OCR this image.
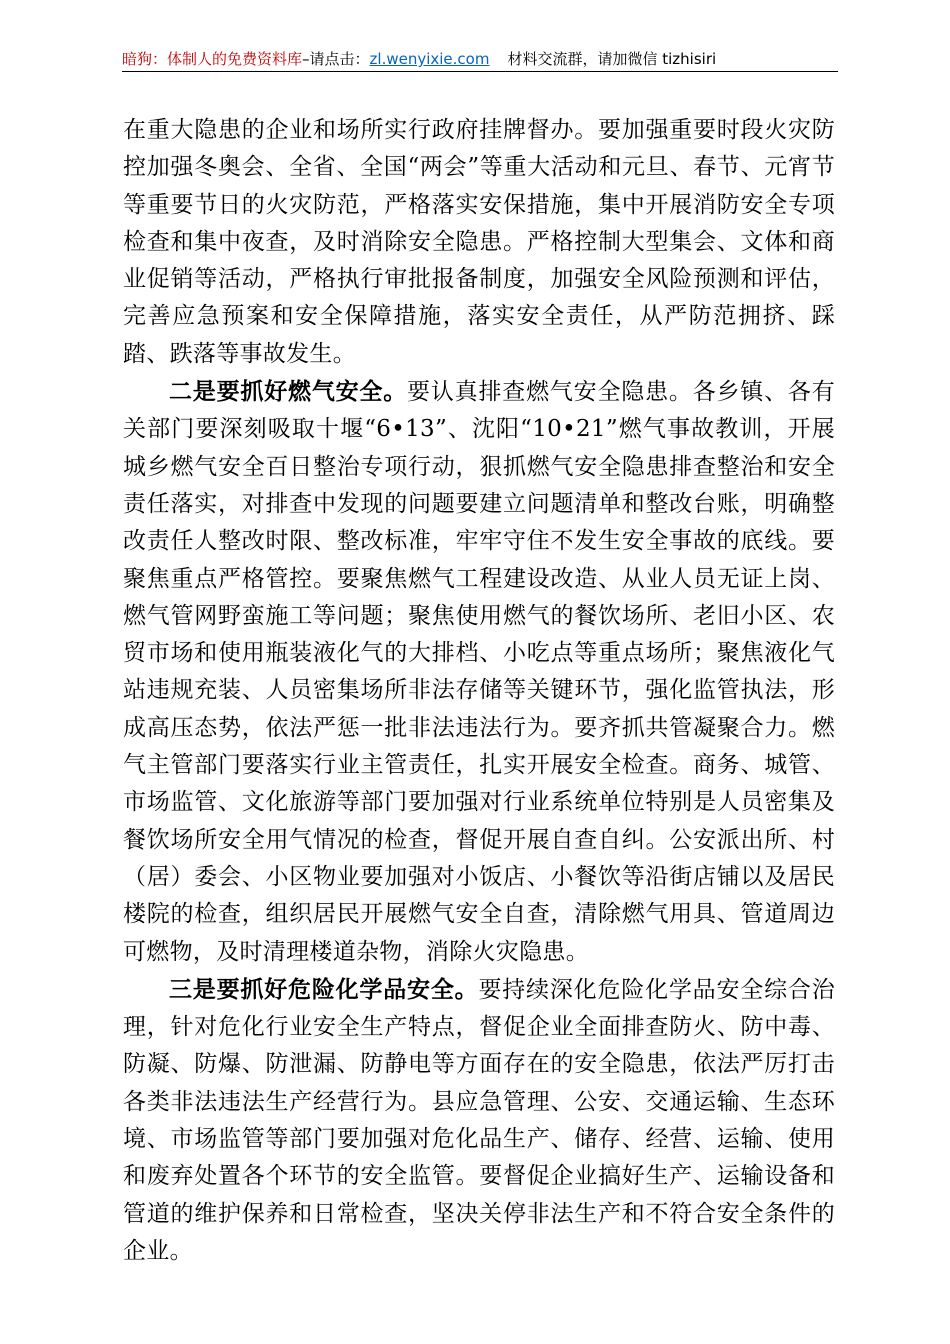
暗狗：体制人的免费资料库–请点击：zl.wenyixie.com 材料交流群，请加微信 tizhisiri

在重大隐患的企业和场所实行政府挂牌督办。要加强重要时段火灾防控加强冬奥会、全省、全国“两会”等重大活动和元旦、春节、元宵节等重要节日的火灾防范，严格落实安保措施，集中开展消防安全专项检查和集中夜查，及时消除安全隐患。严格控制大型集会、文体和商业促销等活动，严格执行审批报备制度，加强安全风险预测和评估，完善应急预案和安全保障措施，落实安全责任，从严防范拥挤、踩踏、跌落等事故发生。

二是要抓好燃气安全。要认真排查燃气安全隐患。各乡镇、各有关部门要深刻吸取十堰“6•13”、沈阳“10•21”燃气事故教训，开展城乡燃气安全百日整治专项行动，狠抓燃气安全隐患排查整治和安全责任落实，对排查中发现的问题要建立问题清单和整改台账，明确整改责任人整改时限、整改标准，牢牢守住不发生安全事故的底线。要聚焦重点严格管控。要聚焦燃气工程建设改造、从业人员无证上岗、燃气管网野蛮施工等问题；聚焦使用燃气的餐饮场所、老旧小区、农贸市场和使用瓶装液化气的大排档、小吃点等重点场所；聚焦液化气站违规充装、人员密集场所非法存储等关键环节，强化监管执法，形成高压态势，依法严惩一批非法违法行为。要齐抓共管凝聚合力。燃气主管部门要落实行业主管责任，扎实开展安全检查。商务、城管、市场监管、文化旅游等部门要加强对行业系统单位特别是人员密集及餐饮场所安全用气情况的检查，督促开展自查自纠。公安派出所、村（居）委会、小区物业要加强对小饭店、小餐饮等沿街店铺以及居民楼院的检查，组织居民开展燃气安全自查，清除燃气用具、管道周边可燃物，及时清理楼道杂物，消除火灾隐患。

三是要抓好危险化学品安全。要持续深化危险化学品安全综合治理，针对危化行业安全生产特点，督促企业全面排查防火、防中毒、防凝、防爆、防泄漏、防静电等方面存在的安全隐患，依法严厉打击各类非法违法生产经营行为。县应急管理、公安、交通运输、生态环境、市场监管等部门要加强对危化品生产、储存、经营、运输、使用和废弃处置各个环节的安全监管。要督促企业搞好生产、运输设备和管道的维护保养和日常检查，坚决关停非法生产和不符合安全条件的企业。
